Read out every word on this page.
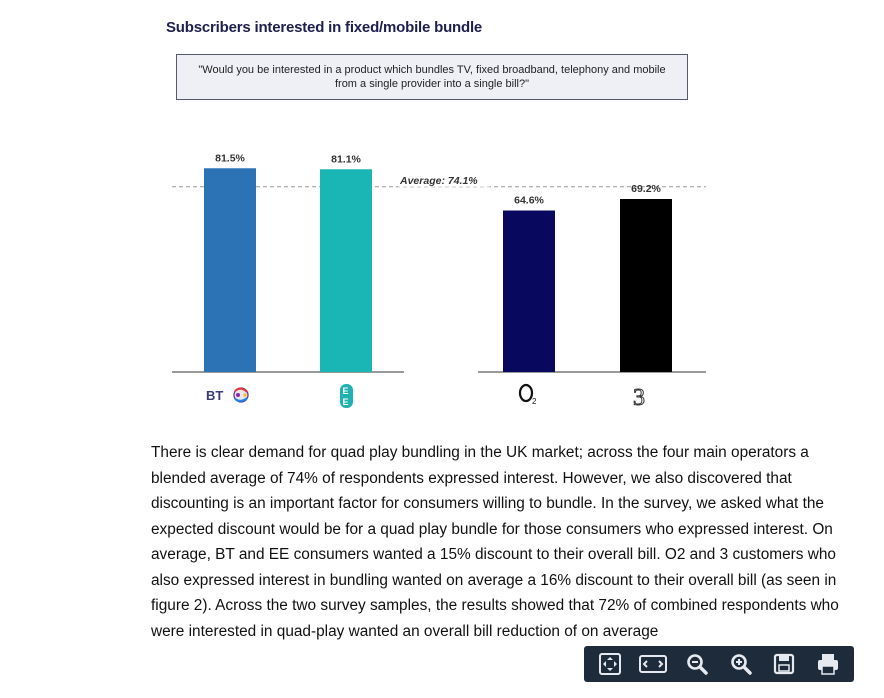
Subscribers interested in fixed/mobile bundle
"Would you be interested in a product which bundles TV, fixed broadband, telephony and mobile from a single provider into a single bill?"
Average: 74.1%
81.5%	81.1%
64.6%
69.2%
BT	E
E	2	3
There is clear demand for quad play bundling in the UK market; across the four main operators a blended average of 74% of respondents expressed interest. However, we also discovered that discounting is an important factor for consumers willing to bundle. In the survey, we asked what the expected discount would be for a quad play bundle for those consumers who expressed interest. On average, BT and EE consumers wanted a 15% discount to their overall bill. O2 and 3 customers who also expressed interest in bundling wanted on average a 16% discount to their overall bill (as seen in figure 2). Across the two survey samples, the results showed that 72% of combined respondents who were interested in quad-play wanted an overall bill reduction of on average
